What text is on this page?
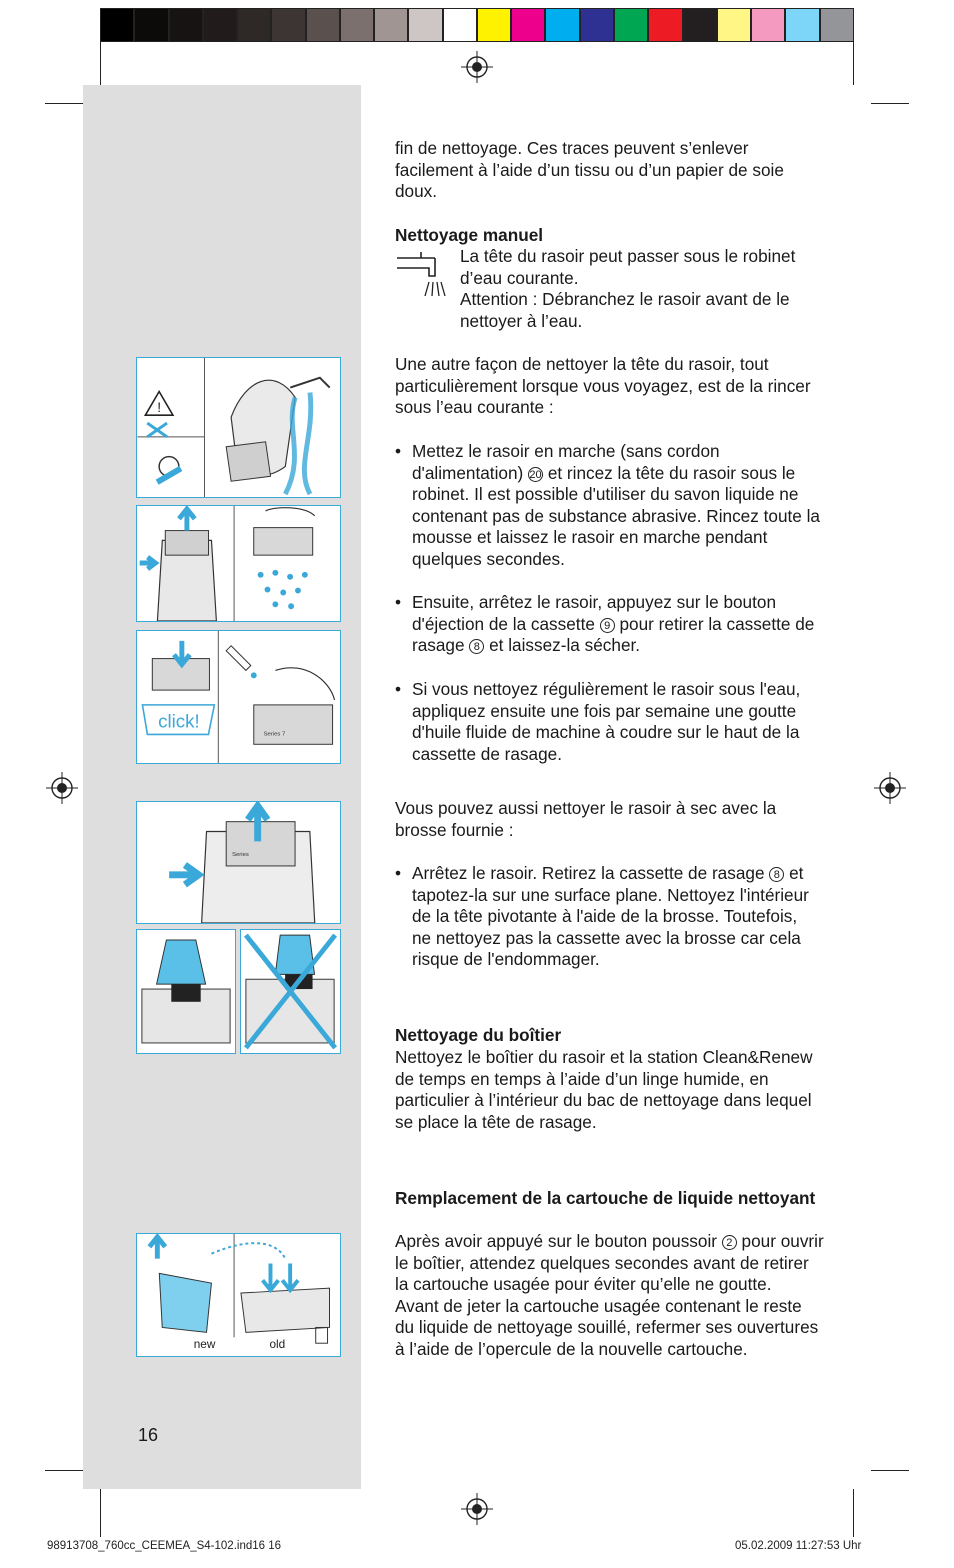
!
click!
Series 7
Series
new	old
fin de nettoyage. Ces traces peuvent s’enlever facilement à l’aide d’un tissu ou d’un papier de soie doux.
Nettoyage manuel

La tête du rasoir peut passer sous le robinet d’eau courante.

Attention : Débranchez le rasoir avant de le nettoyer à l’eau.

Une autre façon de nettoyer la tête du rasoir, tout particulièrement lorsque vous voyagez, est de la rincer sous l’eau courante :
• Mettez le rasoir en marche (sans cordon d'alimentation) 20 et rincez la tête du rasoir sous le robinet. Il est possible d'utiliser du savon liquide ne contenant pas de substance abrasive. Rincez toute la mousse et laissez le rasoir en marche pendant quelques secondes.
• Ensuite, arrêtez le rasoir, appuyez sur le bouton d'éjection de la cassette 9 pour retirer la cassette de rasage 8 et laissez-la sécher.
• Si vous nettoyez régulièrement le rasoir sous l'eau, appliquez ensuite une fois par semaine une goutte d'huile fluide de machine à coudre sur le haut de la cassette de rasage.
Vous pouvez aussi nettoyer le rasoir à sec avec la brosse fournie :
• Arrêtez le rasoir. Retirez la cassette de rasage 8 et tapotez-la sur une surface plane. Nettoyez l'intérieur de la tête pivotante à l'aide de la brosse. Toutefois, ne nettoyez pas la cassette avec la brosse car cela risque de l'endommager.
Nettoyage du boîtier
Nettoyez le boîtier du rasoir et la station Clean&Renew de temps en temps à l’aide d’un linge humide, en particulier à l’intérieur du bac de nettoyage dans lequel se place la tête de rasage.
Remplacement de la cartouche de liquide nettoyant

Après avoir appuyé sur le bouton poussoir 2 pour ouvrir le boîtier, attendez quelques secondes avant de retirer la cartouche usagée pour éviter qu’elle ne goutte.

Avant de jeter la cartouche usagée contenant le reste du liquide de nettoyage souillé, refermer ses ouvertures à l’aide de l’opercule de la nouvelle cartouche.

16
98913708_760cc_CEEMEA_S4-102.ind16 16	05.02.2009 11:27:53 Uhr
